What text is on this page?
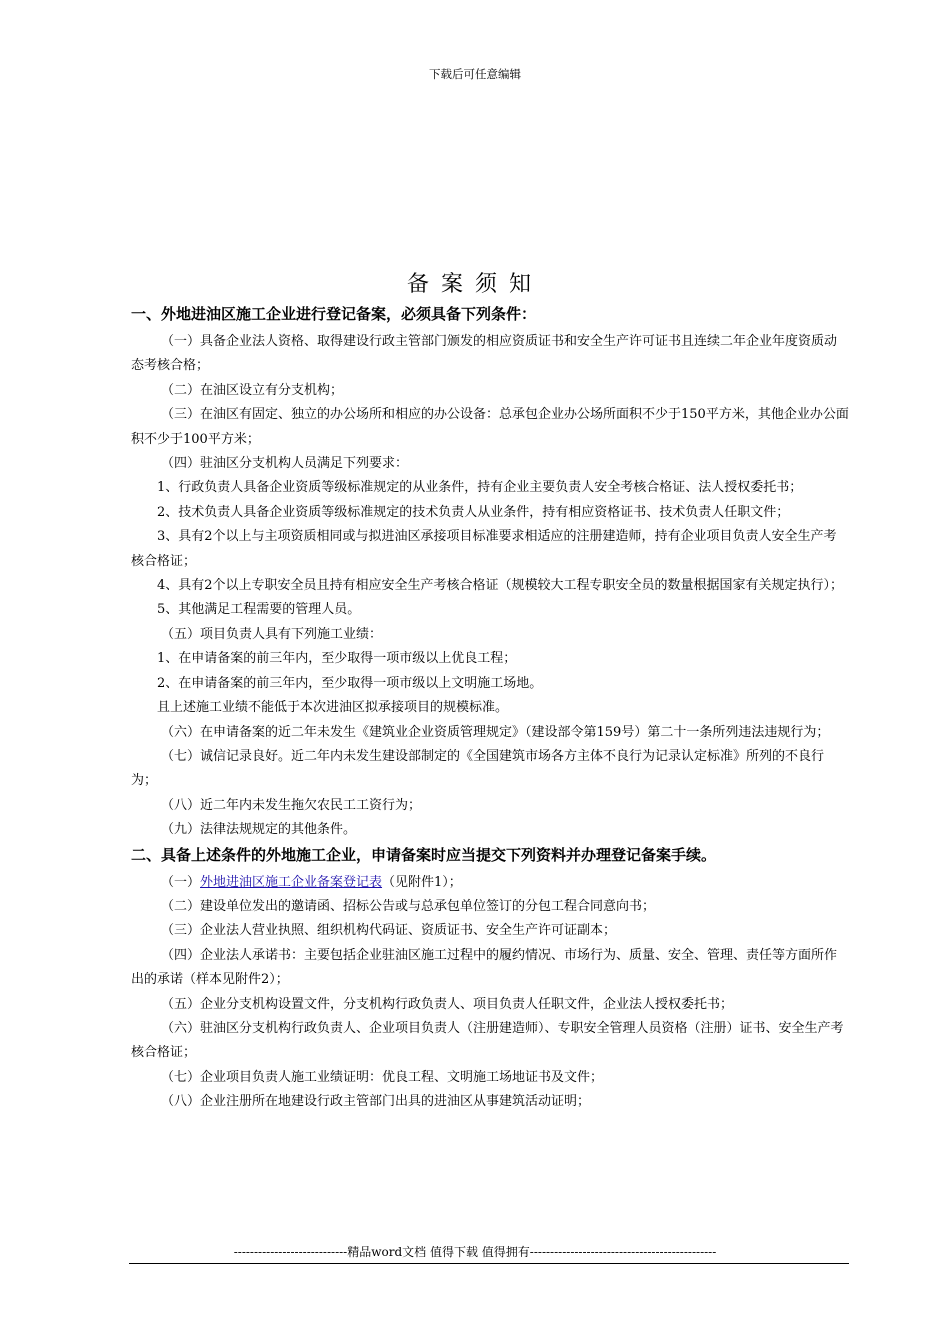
下载后可任意编辑
备案须知
一、外地进油区施工企业进行登记备案，必须具备下列条件：

（一）具备企业法人资格、取得建设行政主管部门颁发的相应资质证书和安全生产许可证书且连续二年企业年度资质动态考核合格；

（二）在油区设立有分支机构；

（三）在油区有固定、独立的办公场所和相应的办公设备：总承包企业办公场所面积不少于150平方米，其他企业办公面积不少于100平方米；

（四）驻油区分支机构人员满足下列要求：

1、行政负责人具备企业资质等级标准规定的从业条件，持有企业主要负责人安全考核合格证、法人授权委托书；

2、技术负责人具备企业资质等级标准规定的技术负责人从业条件，持有相应资格证书、技术负责人任职文件；

3、具有2个以上与主项资质相同或与拟进油区承接项目标准要求相适应的注册建造师，持有企业项目负责人安全生产考核合格证；

4、具有2个以上专职安全员且持有相应安全生产考核合格证（规模较大工程专职安全员的数量根据国家有关规定执行）；

5、其他满足工程需要的管理人员。

（五）项目负责人具有下列施工业绩：

1、在申请备案的前三年内，至少取得一项市级以上优良工程；

2、在申请备案的前三年内，至少取得一项市级以上文明施工场地。

且上述施工业绩不能低于本次进油区拟承接项目的规模标准。

（六）在申请备案的近二年未发生《建筑业企业资质管理规定》（建设部令第159号）第二十一条所列违法违规行为；

（七）诚信记录良好。近二年内未发生建设部制定的《全国建筑市场各方主体不良行为记录认定标准》所列的不良行为；

（八）近二年内未发生拖欠农民工工资行为；

（九）法律法规规定的其他条件。

二、具备上述条件的外地施工企业，申请备案时应当提交下列资料并办理登记备案手续。

（一）外地进油区施工企业备案登记表（见附件1）；

（二）建设单位发出的邀请函、招标公告或与总承包单位签订的分包工程合同意向书；

（三）企业法人营业执照、组织机构代码证、资质证书、安全生产许可证副本；

（四）企业法人承诺书：主要包括企业驻油区施工过程中的履约情况、市场行为、质量、安全、管理、责任等方面所作出的承诺（样本见附件2）；

（五）企业分支机构设置文件，分支机构行政负责人、项目负责人任职文件，企业法人授权委托书；

（六）驻油区分支机构行政负责人、企业项目负责人（注册建造师）、专职安全管理人员资格（注册）证书、安全生产考核合格证；

（七）企业项目负责人施工业绩证明：优良工程、文明施工场地证书及文件；

（八）企业注册所在地建设行政主管部门出具的进油区从事建筑活动证明；

----------------------------精品word文档 值得下载 值得拥有----------------------------------------------
